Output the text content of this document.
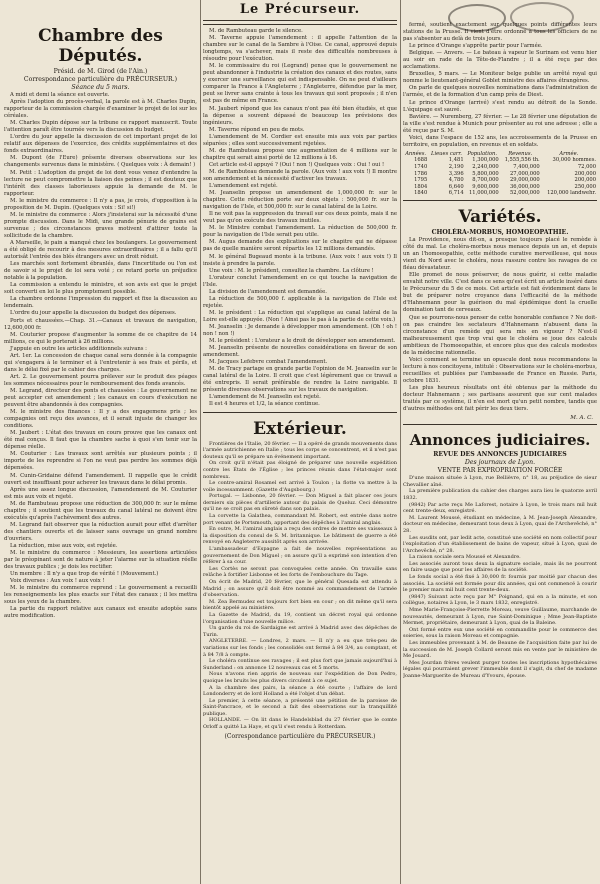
Chambre des Députés.
Présid. de M. Girod (de l'Ain.)
Correspondance particulière du PRÉCURSEUR.)
Séance du 5 mars.

A midi et demi la séance est ouverte.

Après l'adoption du procès-verbal, la parole est à M. Charles Dupin, rapporteur de la commission chargée d'examiner le projet de loi sur les céréales.

M. Charles Dupin dépose sur la tribune ce rapport manuscrit. Toute l'attention paraît être tournée vers la discussion du budget.

L'ordre du jour appelle la discussion de cet important projet de loi relatif aux dépenses de l'exercice, des crédits supplémentaires et des fonds extraordinaires.

M. Dupont (de l'Eure) présente diverses observations sur les changements survenus dans le ministère. ( Quelques voix : À demain! )

M. Petit : L'adoption du projet de loi dont vous venez d'entendre la lecture ne peut compromettre la liaison des peines ; il est douteux que l'intérêt des classes laborieuses appuie la demande de M. le rapporteur.

M. le ministre du commerce : Il n'y a pas, je crois, d'opposition à la proposition de M. Dupin. (Quelques voix : Si! si!)

M. le ministre du commerce : Alors j'insisterai sur la nécessité d'une prompte discussion. Dans le Midi, une grande pénurie de grains est survenue ; des circonstances graves motivent d'attirer toute la sollicitude de la chambre.

A Marseille, le pain a manqué chez les boulangers. Le gouvernement a été obligé de recourir à des mesures extraordinaires ; il a fallu qu'il autorisât l'entrée des blés étrangers avec un droit réduit.

Les marchés sont fortement ébranlés, dans l'incertitude ou l'on est de savoir si le projet de loi sera voté ; ce retard porte un préjudice notable à la population.

La commission a entendu le ministre, et son avis est que le projet soit converti en loi le plus promptement possible.

La chambre ordonne l'impression du rapport et fixe la discussion au lendemain.

L'ordre du jour appelle la discussion du budget des dépenses.

Ports et chaussées.—Chap. 31.—Canaux et travaux de navigation, 12,600,000 fr.

M. Couturier propose d'augmenter la somme de ce chapitre de 14 millions, ce qui le porterait à 26 millions.

J'appuie en outre les articles additionnels suivans :

Art. 1er. La concession de chaque canal sera donnée à la compagnie qui s'engagera à le terminer et à l'entretenir à ses frais et périls, et dans le délai fixé par le cahier des charges.

Art. 2. Le gouvernement pourra prélever sur le produit des péages les sommes nécessaires pour le remboursement des fonds avancés.

M. Legrand, directeur des ponts et chaussées : Le gouvernement ne peut accepter cet amendement ; les canaux en cours d'exécution ne peuvent être abandonnés à des compagnies.

M. le ministre des finances : Il y a des engagemens pris ; les compagnies ont reçu des avances, et il serait injuste de changer les conditions.

M. Jaubert : L'état des travaux en cours prouve que les canaux ont été mal conçus. Il faut que la chambre sache à quoi s'en tenir sur la dépense réelle.

M. Couturier : Les travaux sont arrêtés sur plusieurs points ; il importe de les reprendre si l'on ne veut pas perdre les sommes déjà dépensées.

M. Cunin-Gridaine défend l'amendement. Il rappelle que le crédit ouvert est insuffisant pour achever les travaux dans le délai promis.

Après une assez longue discussion, l'amendement de M. Couturier est mis aux voix et rejeté.

M. de Rambuteau propose une réduction de 300,000 fr. sur le même chapitre ; il soutient que les travaux du canal latéral ne doivent être exécutés qu'après l'achèvement des autres.

M. Legrand fait observer que la réduction aurait pour effet d'arrêter des chantiers ouverts et de laisser sans ouvrage un grand nombre d'ouvriers.

La réduction, mise aux voix, est rejetée.

M. le ministre du commerce : Messieurs, les assertions articulées par le préopinant sont de nature à jeter l'alarme sur la situation réelle des travaux publics ; je dois les rectifier.

Un membre : Il n'y a que trop de vérité ! (Mouvement.)

Voix diverses : Aux voix ! aux voix !

M. le ministre du commerce reprend : Le gouvernement a recueilli les renseignements les plus exacts sur l'état des canaux ; il les mettra sous les yeux de la chambre.

La partie du rapport relative aux canaux est ensuite adoptée sans autre modification.

Le Précurseur.

M. de Rambuteau garde le silence.

M. Taverne appuie l'amendement : il appelle l'attention de la chambre sur le canal de la Sambre à l'Oise. Ce canal, approuvé depuis longtemps, va s'achever, mais il reste des difficultés nombreuses à résoudre pour l'exécution.

M. le commissaire du roi (Legrand) pense que le gouvernement ne peut abandonner à l'industrie la création des canaux et des routes, sans y exercer une surveillance qui est indispensable. On ne peut d'ailleurs comparer la France à l'Angleterre ; l'Angleterre, défendue par la mer, peut se livrer sans crainte à tous les travaux qui sont proposés ; il n'en est pas de même en France.

M. Jaubert répond que les canaux n'ont pas été bien étudiés, et que la dépense a souvent dépassé de beaucoup les prévisions des ingénieurs.

M. Taverne répond en peu de mots.

L'amendement de M. Cordier est ensuite mis aux voix par parties séparées ; elles sont successivement rejetées.

M. de Rambuteau propose une augmentation de 4 millions sur le chapitre qui serait ainsi porté de 12 millions à 16.

Cet article est-il appuyé ? (Oui ! non !) Quelques voix : Oui ! oui !

M. de Rambuteau demande la parole. (Aux voix ! aux voix !) Il montre son amendement et la nécessité d'activer les travaux.

L'amendement est rejeté.

M. Jeanselin propose un amendement de 1,000,000 fr. sur le chapitre. Cette réduction porte sur deux objets : 500,000 fr. sur la navigation de l'Isle, et 500,000 fr. sur le canal latéral de la Loire.

Il ne voit pas la suppression du travail sur ces deux points, mais il ne veut pas qu'on exécute des travaux inutiles.

M. le Ministre combat l'amendement. La réduction de 500,000 fr. pour la navigation de l'Isle serait peu utile.

M. Augus demande des explications sur le chapitre qui ne dépasse pas de quelle manière seront répartis les 12 millions demandés.

M. le général Bugeaud monte à la tribune. (Aux voix ! aux voix !) Il insiste à prendre la parole.

Une voix : M. le président, consultez la chambre. La clôture !

L'orateur conclut l'amendement en ce qui touche la navigation de l'Isle.

La division de l'amendement est demandée.

La réduction de 500,000 f. applicable à la navigation de l'Isle est rejetée.

M. le président : La réduction qui s'applique au canal latéral de la Loire est-elle appuyée. (Non ! Ainsi pas le pas à la partie de cette voix.)

M. Jeanselin : Je demande à développer mon amendement. (Oh ! oh ! non ! non !)

M. le président : L'orateur a le droit de développer son amendement.

M. Jeanselin présente de nouvelles considérations en faveur de son amendement.

M. Jacques Lefebvre combat l'amendement.

M. de Tracy partage en grande partie l'opinion de M. Jeanselin sur le canal latéral de la Loire. Il croit que c'est légèrement que ce travail a été entrepris. Il serait préférable de rendre la Loire navigable. Il présente diverses observations sur les travaux de navigation.

L'amendement de M. Jeanselin est rejeté.

Il est 4 heures et 1/2, la séance continue.

Extérieur.

Frontières de l'Italie, 20 février. — Il a opéré de grands mouvements dans l'armée autrichienne en Italie ; tous les corps se concentrent, et il n'est pas douteux qu'il se prépare un événement important.

On croit qu'il n'était pas éloigné de préparer une nouvelle expédition contre les États de l'Église ; les princes réunis dans l'état-major sont nombreux.

Le contre-amiral Rosamel est arrivé à Toulon ; la flotte va mettre à la voile incessamment. (Gazette d'Augsbourg.)

Portugal. — Lisbonne, 20 février. — Don Miguel a fait placer ces jours derniers six pièces d'artillerie autour du palais de Queluz. Ceci démontre qu'il ne se croit pas en sûreté dans son palais.

La corvette la Galathea, commandant M. Robert, est entrée dans notre port venant de Portsmouth, apportant des dépêches à l'amiral anglais.

En outre, M. l'amiral anglais a reçu des ordres de mettre ses vaisseaux à la disposition du consul de S. M. britannique. Le bâtiment de guerre a été renvoyé en Angleterre aussitôt après son arrivée.

L'ambassadeur d'Espagne a fait de nouvelles représentations au gouvernement de Don Miguel ; on assure qu'il a exprimé son intention d'en référer à sa cour.

Les Cortès ne seront pas convoquées cette année. On travaille sans relâche à fortifier Lisbonne et les forts de l'embouchure du Tage.

On écrit de Madrid, 20 février, que le général Quesada est attendu à Madrid ; on assure qu'il doit être nommé au commandement de l'armée d'observation.

M. Zea Bermudez est toujours fort bien en cour ; on dit même qu'il sera bientôt appelé au ministère.

La Gazette de Madrid, du 19, contient un décret royal qui ordonne l'organisation d'une nouvelle milice.

Un garde du roi de Sardaigne est arrivé à Madrid avec des dépêches de Turin.

ANGLETERRE. — Londres, 2 mars. — Il n'y a eu que très-peu de variations sur les fonds ; les consolidés ont fermé à 84 3/4, au comptant, et à 84 7/8 à compte.

Le choléra continue ses ravages ; il est plus fort que jamais aujourd'hui à Sunderland : on annonce 12 nouveaux cas et 5 morts.

Nous n'avons rien appris de nouveau sur l'expédition de Don Pedro, quoique les bruits les plus divers circulent à ce sujet.

A la chambre des pairs, la séance a été courte ; l'affaire de lord Londonderry et de lord Holland a été l'objet d'un débat.

Le premier, à cette séance, a présenté une pétition de la paroisse de Saint-Pancrace, et le second a fait des observations sur la tranquillité publique.

HOLLANDE. — On lit dans le Handelsblad du 27 février que le comte Orloff a quitté La Haye, et qu'il s'est rendu à Rotterdam.

(Correspondance particulière du PRÉCURSEUR.)

fermé, soutient exactement sur quelques points différentes leurs stations de la Prusse. Il vient d'être ordonné à tous les officiers de ne pas s'absenter au delà de trois jours.

Le prince d'Orange s'apprête partir pour l'armée.

Belgique. — Anvers. — Le bateau à vapeur le Surinam est venu hier au soir en rade de la Tête-de-Flandre ; il a été reçu par des acclamations.

Bruxelles, 5 mars. — Le Moniteur belge publie un arrêté royal qui nomme le lieutenant-général Goblet ministre des affaires étrangères.

On parle de quelques nouvelles nominations dans l'administration de l'armée, et de la formation d'un camp près de Diest.

Le prince d'Orange (arrivé) s'est rendu au détroit de la Sonde. L'équipage est sauvé.

Bavière. — Nuremberg, 27 février. — Le 28 février une députation de la ville s'est rendue à Munich pour présenter au roi une adresse ; elle a été reçue par S. M.

Voici, dans l'espace de 152 ans, les accroissements de la Prusse en territoire, en population, en revenus et en soldats.

Années.	Lieues carr.	Population.	Revenus.	Armée.
1688	1,481	1,300,000	1,555,556 th.	30,000 hommes.
1740	2,190	2,240,000	7,400,000	72,000
1786	3,396	5,800,000	27,000,000	200,000
1795	4,780	8,700,000	29,000,000	200,000
1804	6,640	9,600,000	36,000,000	250,000
1840	6,714	11,000,000	52,000,000	120,000 landwehr.
Variétés.
CHOLÉRA-MORBUS, HOMOEOPATHIE.

La Providence, nous dit-on, a presque toujours placé le remède à côté du mal. Le choléra-morbus nous menace depuis un an, et depuis un an l'homoeopathie, cette méthode curative merveilleuse, qui nous vient du Nord avec le choléra, nous rassure contre les ravages de ce fléau dévastateur.

Elle promet de nous préserver, de nous guérir, si cette maladie envahit notre ville. C'est dans ce sens qu'est écrit un article inséré dans le Précurseur du 5 de ce mois. Cet article est fait évidemment dans le but de préparer notre croyance dans l'efficacité de la méthode d'Hahnemann pour la guérison du mal épidémique dont la cruelle domination tant de cerveaux.

Que se pourrons-nous penser de cette honorable confiance ? Ne doit-on pas craindre les sectateurs d'Hahnemann n'abusent dans la circonstance d'un remède qui sera mis en vigueur ? N'est-il malheureusement que trop vrai que le choléra se joue des calculs ambitieux de l'homoeopathie, et encore plus que des calculs modestes de la médecine rationnelle.

Voici comment se termine un opuscule dont nous recommandons la lecture à nos concitoyens, intitulé : Observations sur le choléra-morbus, recueillies et publiées par l'ambassade de France en Russie. Paris, octobre 1831.

Les plus heureux résultats ont été obtenus par la méthode du docteur Hahnemann ; ses partisans assurent que sur cent malades traités par ce système, il n'en est mort qu'un petit nombre, tandis que d'autres méthodes ont fait périr les deux tiers.

M. A. C.
Annonces judiciaires.
REVUE DES ANNONCES JUDICIAIRES
Des journaux de Lyon.
VENTE PAR EXPROPRIATION FORCÉE

D'une maison située à Lyon, rue Bellièvre, n° 18, au préjudice de sieur Chevallier aîné.

La première publication du cahier des charges aura lieu le quatorze avril 1832.

(9842) Par acte reçu Me Laforest, notaire à Lyon, le trois mars mil huit cent trente-deux, enregistré.

M. Laurent Moussé, étudiant en médecine, à M. Jean-Joseph Alexandre, docteur en médecine, demeurant tous deux à Lyon, quai de l'Archevêché, n° 28.

Les susdits ont, par ledit acte, constitué une société en nom collectif pour l'exploitation d'un établissement de bains de vapeur, situé à Lyon, quai de l'Archevêché, n° 28.

La raison sociale sera Moussé et Alexandre.

Les associés auront tous deux la signature sociale, mais ils ne pourront en faire usage que pour les affaires de la société.

Le fonds social a été fixé à 30,000 fr. fournis par moitié par chacun des associés. La société est formée pour dix années, qui ont commencé à courir le premier mars mil huit cent trente-deux.

(9847) Suivant acte reçu par M° Poignand, qui en a la minute, et son collègue, notaires à Lyon, le 3 mars 1832, enregistré.

Mme Marie-Françoise-Pierrette Moreau, veuve Guillaume, marchande de nouveautés, demeurant à Lyon, rue Saint-Dominique ; Mme Jean-Baptiste Mermet, propriétaire, demeurant à Lyon, quai de la Baleine.

Ont formé entre eux une société en commandite pour le commerce des soieries, sous la raison Moreau et compagnie.

Les immeubles provenant à M. de Beaune de l'acquisition faite par lui de la succession de M. Joseph Collard seront mis en vente par le ministère de Me Jouard.

Mes Jourdan frères veulent purger toutes les inscriptions hypothécaires légales qui pourraient grever l'immeuble dont il s'agit, du chef de madame Joanne-Marguerite de Mureau d'Yvours, épouse.
